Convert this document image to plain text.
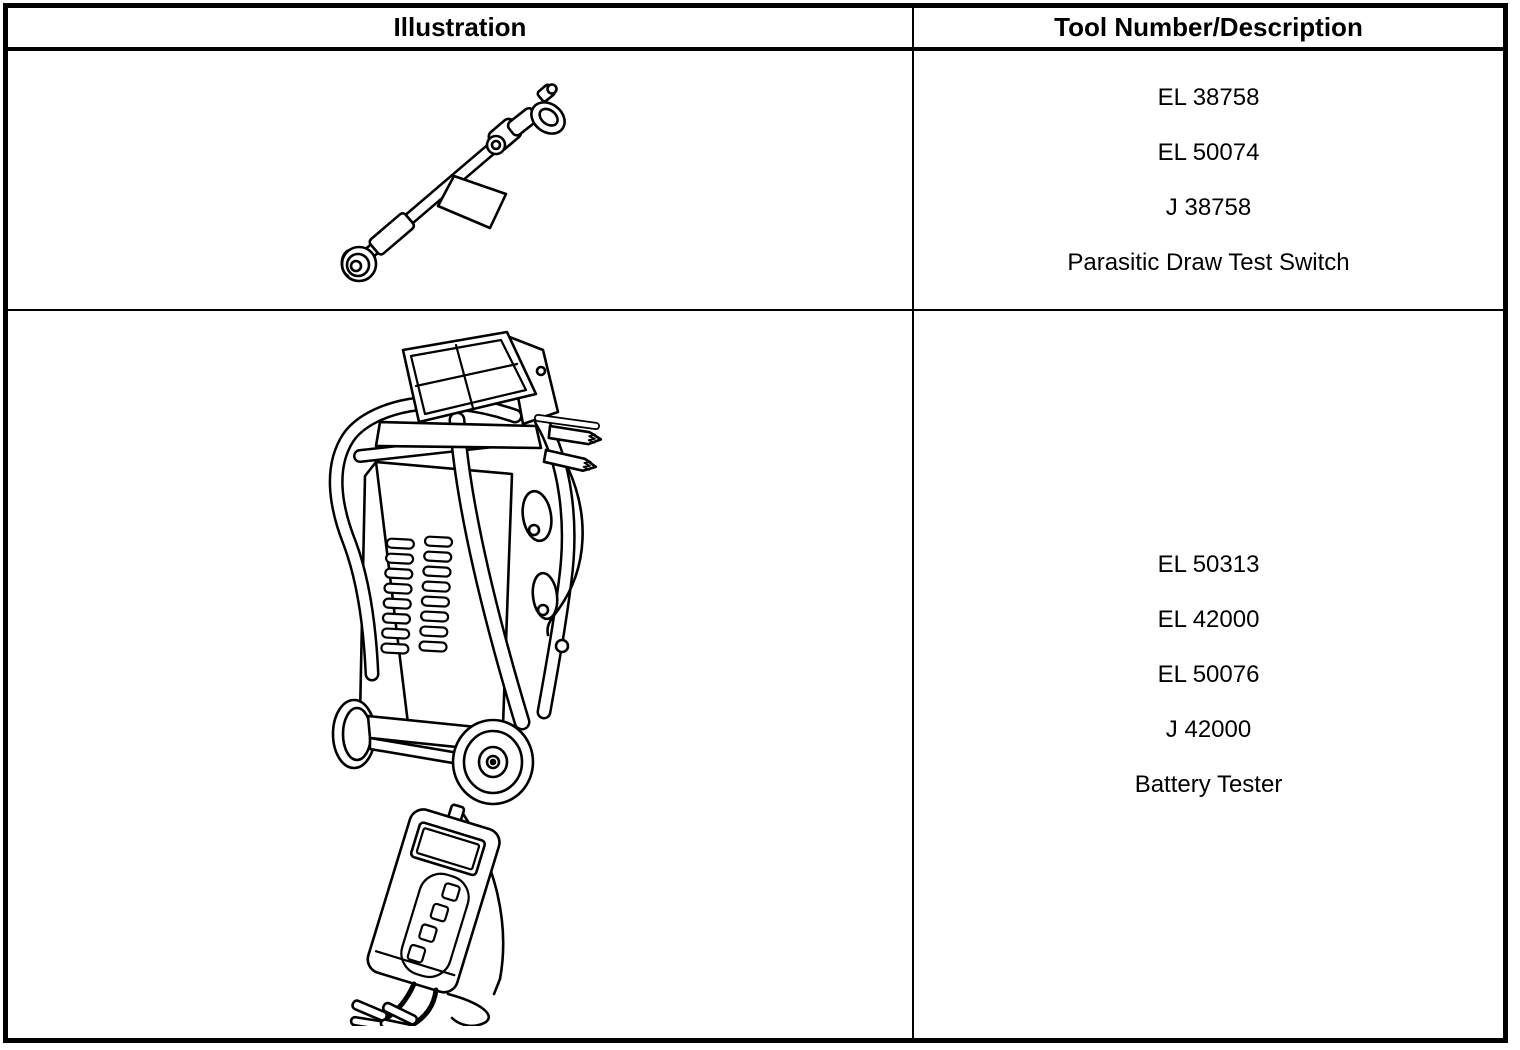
Illustration	Tool Number/Description
EL 38758
EL 50074
J 38758
Parasitic Draw Test Switch
EL 50313
EL 42000
EL 50076
J 42000
Battery Tester
